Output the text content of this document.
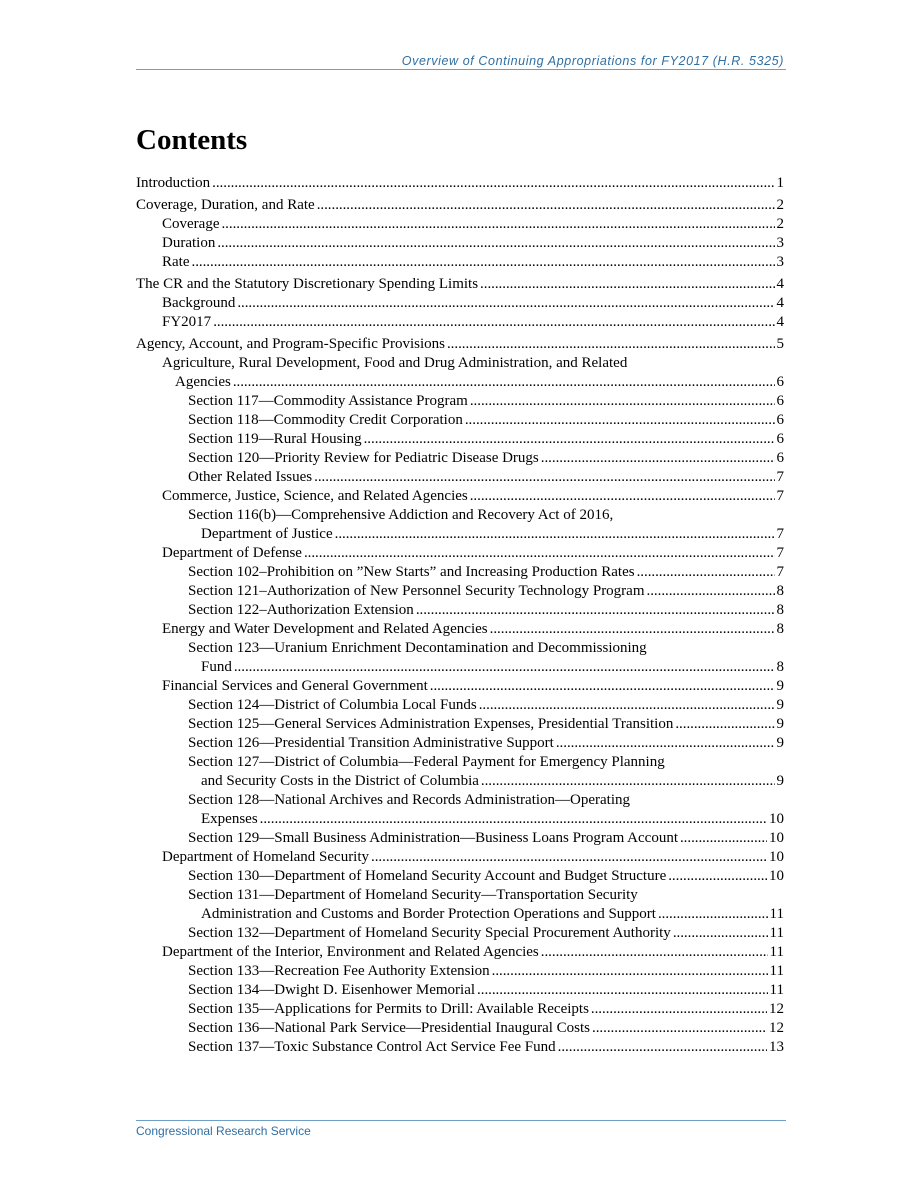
Overview of Continuing Appropriations for FY2017 (H.R. 5325)
Contents
Introduction . . .	1
Coverage, Duration, and Rate . . .	2
Coverage . . .	2
Duration . . .	3
Rate . . .	3
The CR and the Statutory Discretionary Spending Limits . . .	4
Background . . .	4
FY2017 . . .	4
Agency, Account, and Program-Specific Provisions . . .	5
Agriculture, Rural Development, Food and Drug Administration, and Related
Agencies . . .	6
Section 117—Commodity Assistance Program . . .	6
Section 118—Commodity Credit Corporation . . .	6
Section 119—Rural Housing . . .	6
Section 120—Priority Review for Pediatric Disease Drugs . . .	6
Other Related Issues . . .	7
Commerce, Justice, Science, and Related Agencies . . .	7
Section 116(b)—Comprehensive Addiction and Recovery Act of 2016,
Department of Justice . . .	7
Department of Defense . . .	7
Section 102–Prohibition on ”New Starts” and Increasing Production Rates . . .	7
Section 121–Authorization of New Personnel Security Technology Program . . .	8
Section 122–Authorization Extension . . .	8
Energy and Water Development and Related Agencies . . .	8
Section 123—Uranium Enrichment Decontamination and Decommissioning
Fund . . .	8
Financial Services and General Government . . .	9
Section 124—District of Columbia Local Funds . . .	9
Section 125—General Services Administration Expenses, Presidential Transition . . .	9
Section 126—Presidential Transition Administrative Support . . .	9
Section 127—District of Columbia—Federal Payment for Emergency Planning
and Security Costs in the District of Columbia . . .	9
Section 128—National Archives and Records Administration—Operating
Expenses . . .	10
Section 129—Small Business Administration—Business Loans Program Account . . .	10
Department of Homeland Security . . .	10
Section 130—Department of Homeland Security Account and Budget Structure . . .	10
Section 131—Department of Homeland Security—Transportation Security
Administration and Customs and Border Protection Operations and Support . . .	11
Section 132—Department of Homeland Security Special Procurement Authority . . .	11
Department of the Interior, Environment and Related Agencies . . .	11
Section 133—Recreation Fee Authority Extension . . .	11
Section 134—Dwight D. Eisenhower Memorial . . .	11
Section 135—Applications for Permits to Drill: Available Receipts . . .	12
Section 136—National Park Service—Presidential Inaugural Costs . . .	12
Section 137—Toxic Substance Control Act Service Fee Fund . . .	13
Congressional Research Service
